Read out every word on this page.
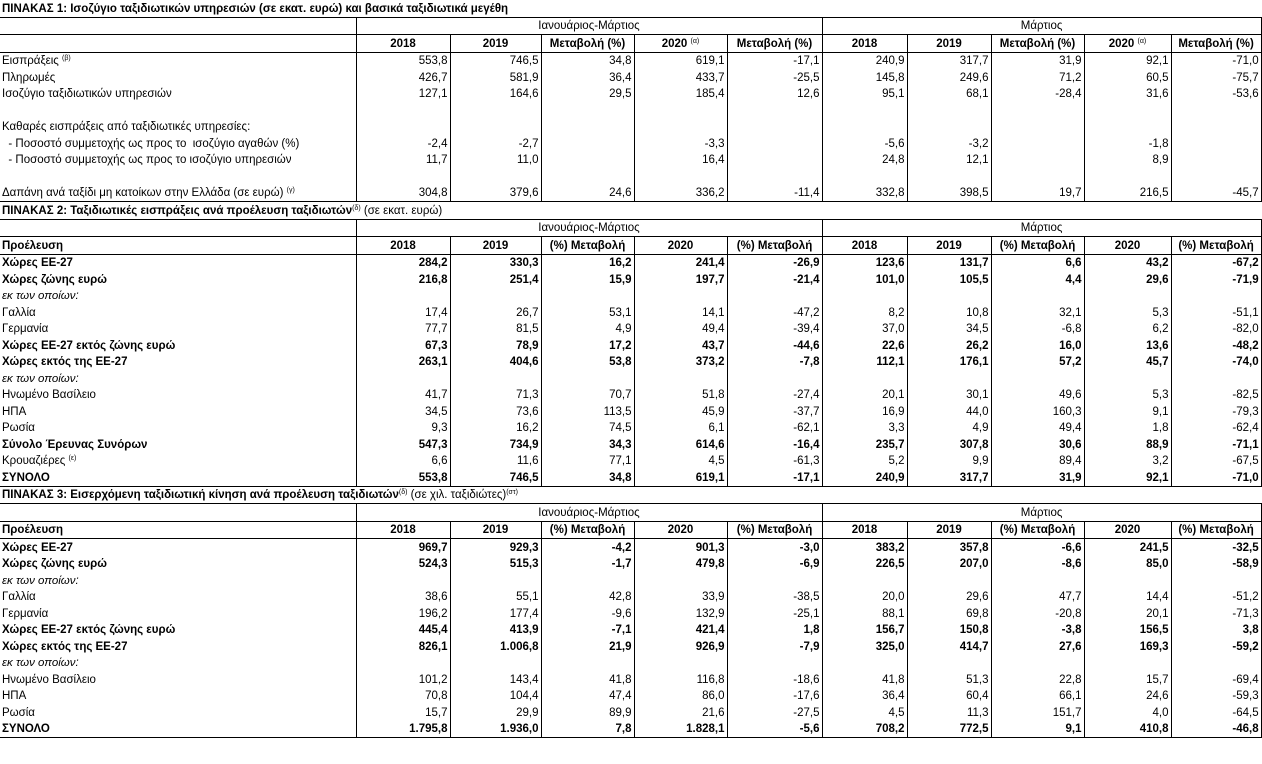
ΠΙΝΑΚΑΣ 1: Ισοζύγιο ταξιδιωτικών υπηρεσιών (σε εκατ. ευρώ) και βασικά ταξιδιωτικά μεγέθη										
	Ιανουάριος-Μάρτιος					Μάρτιος				
	2018	2019	Μεταβολή (%)	2020 $^{(\alpha)}$	Μεταβολή (%)	2018	2019	Μεταβολή (%)	2020 $^{(\alpha)}$	Μεταβολή (%)
Εισπράξεις $^{(\beta)}$	553,8	746,5	34,8	619,1	-17,1	240,9	317,7	31,9	92,1	-71,0
Πληρωμές	426,7	581,9	36,4	433,7	-25,5	145,8	249,6	71,2	60,5	-75,7
Ισοζύγιο ταξιδιωτικών υπηρεσιών	127,1	164,6	29,5	185,4	12,6	95,1	68,1	-28,4	31,6	-53,6

Καθαρές εισπράξεις από ταξιδιωτικές υπηρεσίες:										
- Ποσοστό συμμετοχής ως προς το  ισοζύγιο αγαθών (%)	-2,4	-2,7		-3,3		-5,6	-3,2		-1,8	
- Ποσοστό συμμετοχής ως προς το ισοζύγιο υπηρεσιών	11,7	11,0		16,4		24,8	12,1		8,9	

Δαπάνη ανά ταξίδι μη κατοίκων στην Ελλάδα (σε ευρώ) $^{(\gamma)}$	304,8	379,6	24,6	336,2	-11,4	332,8	398,5	19,7	216,5	-45,7
ΠΙΝΑΚΑΣ 2: Ταξιδιωτικές εισπράξεις ανά προέλευση ταξιδιωτών$^{(\delta)}$ (σε εκατ. ευρώ)										
	Ιανουάριος-Μάρτιος					Μάρτιος				
Προέλευση	2018	2019	(%) Μεταβολή	2020	(%) Μεταβολή	2018	2019	(%) Μεταβολή	2020	(%) Μεταβολή
Χώρες ΕΕ-27	284,2	330,3	16,2	241,4	-26,9	123,6	131,7	6,6	43,2	-67,2
Χώρες ζώνης ευρώ	216,8	251,4	15,9	197,7	-21,4	101,0	105,5	4,4	29,6	-71,9
εκ των οποίων:										
Γαλλία	17,4	26,7	53,1	14,1	-47,2	8,2	10,8	32,1	5,3	-51,1
Γερμανία	77,7	81,5	4,9	49,4	-39,4	37,0	34,5	-6,8	6,2	-82,0
Χώρες ΕΕ-27 εκτός ζώνης ευρώ	67,3	78,9	17,2	43,7	-44,6	22,6	26,2	16,0	13,6	-48,2
Χώρες εκτός της ΕΕ-27	263,1	404,6	53,8	373,2	-7,8	112,1	176,1	57,2	45,7	-74,0
εκ των οποίων:										
Ηνωμένο Βασίλειο	41,7	71,3	70,7	51,8	-27,4	20,1	30,1	49,6	5,3	-82,5
ΗΠΑ	34,5	73,6	113,5	45,9	-37,7	16,9	44,0	160,3	9,1	-79,3
Ρωσία	9,3	16,2	74,5	6,1	-62,1	3,3	4,9	49,4	1,8	-62,4
Σύνολο Έρευνας Συνόρων	547,3	734,9	34,3	614,6	-16,4	235,7	307,8	30,6	88,9	-71,1
Κρουαζιέρες $^{(\varepsilon)}$	6,6	11,6	77,1	4,5	-61,3	5,2	9,9	89,4	3,2	-67,5
ΣΥΝΟΛΟ	553,8	746,5	34,8	619,1	-17,1	240,9	317,7	31,9	92,1	-71,0
ΠΙΝΑΚΑΣ 3: Εισερχόμενη ταξιδιωτική κίνηση ανά προέλευση ταξιδιωτών$^{(\delta)}$ (σε χιλ. ταξιδιώτες)$^{(\sigma\tau)}$
	Ιανουάριος-Μάρτιος					Μάρτιος				
Προέλευση	2018	2019	(%) Μεταβολή	2020	(%) Μεταβολή	2018	2019	(%) Μεταβολή	2020	(%) Μεταβολή
Χώρες ΕΕ-27	969,7	929,3	-4,2	901,3	-3,0	383,2	357,8	-6,6	241,5	-32,5
Χώρες ζώνης ευρώ	524,3	515,3	-1,7	479,8	-6,9	226,5	207,0	-8,6	85,0	-58,9
εκ των οποίων:										
Γαλλία	38,6	55,1	42,8	33,9	-38,5	20,0	29,6	47,7	14,4	-51,2
Γερμανία	196,2	177,4	-9,6	132,9	-25,1	88,1	69,8	-20,8	20,1	-71,3
Χώρες ΕΕ-27 εκτός ζώνης ευρώ	445,4	413,9	-7,1	421,4	1,8	156,7	150,8	-3,8	156,5	3,8
Χώρες εκτός της ΕΕ-27	826,1	1.006,8	21,9	926,9	-7,9	325,0	414,7	27,6	169,3	-59,2
εκ των οποίων:										
Ηνωμένο Βασίλειο	101,2	143,4	41,8	116,8	-18,6	41,8	51,3	22,8	15,7	-69,4
ΗΠΑ	70,8	104,4	47,4	86,0	-17,6	36,4	60,4	66,1	24,6	-59,3
Ρωσία	15,7	29,9	89,9	21,6	-27,5	4,5	11,3	151,7	4,0	-64,5
ΣΥΝΟΛΟ	1.795,8	1.936,0	7,8	1.828,1	-5,6	708,2	772,5	9,1	410,8	-46,8
